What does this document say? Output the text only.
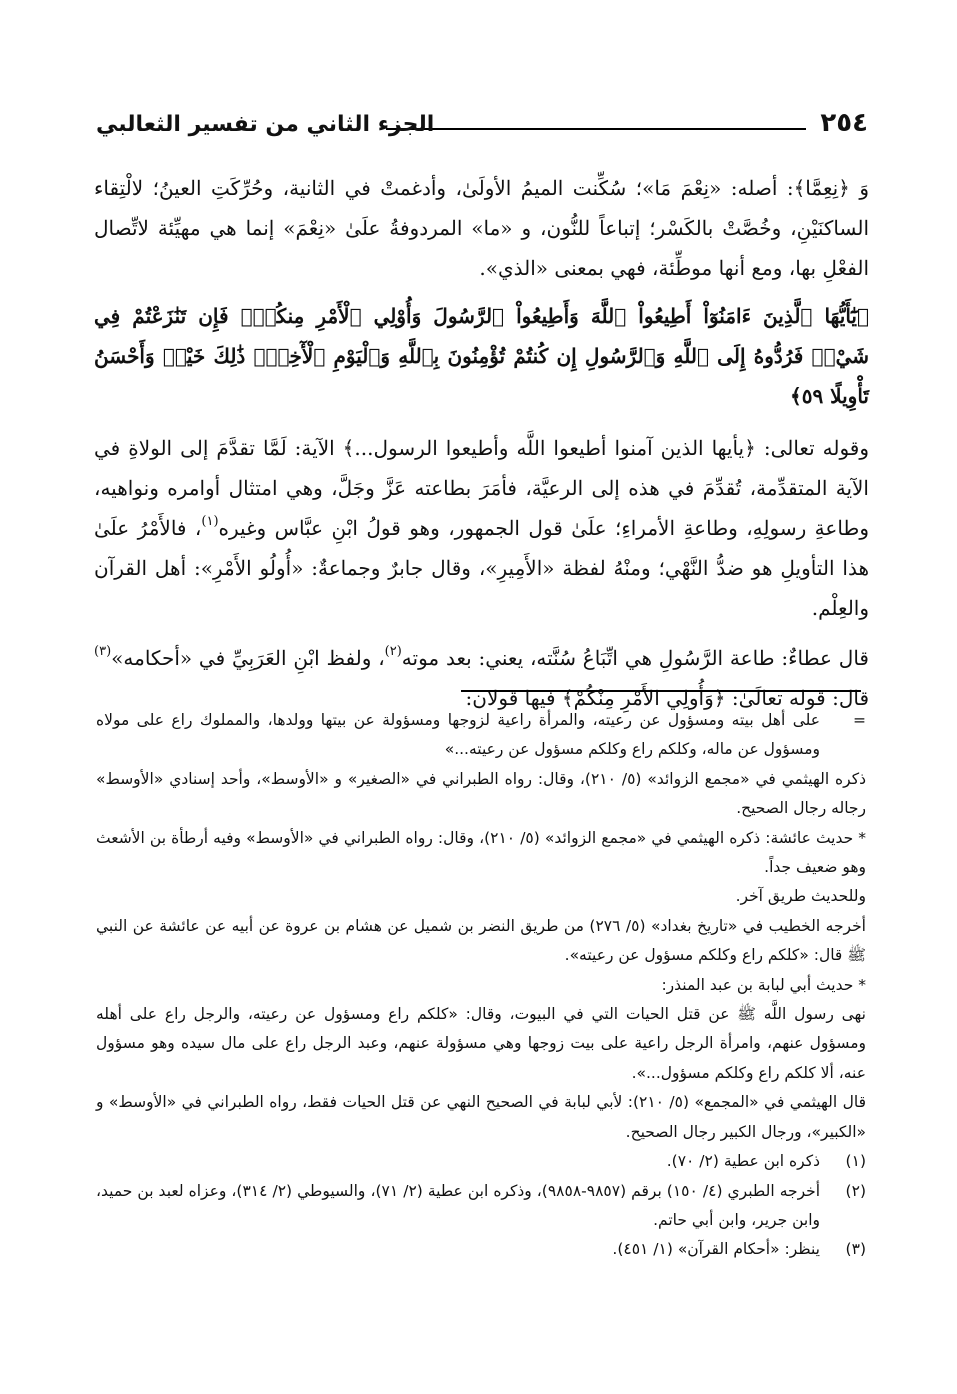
٢٥٤
الجزء الثاني من تفسير الثعالبي

وَ ﴿نِعِمَّا﴾: أصله: «نِعْمَ مَا»؛ سُكِّنت الميمُ الأولَىٰ، وأدغمتْ في الثانية، وحُرِّكَتِ العينُ؛ لالْتِقاء الساكنَيْنِ، وخُصَّتْ بالكَسْر؛ إتباعاً للنُّون، و «ما» المردوفةُ علَىٰ «نِعْمَ» إنما هي مهيِّئة لاتِّصال الفعْلِ بها، ومع أنها موطِّئة، فهي بمعنى «الذي».

﴿يَٰٓأَيُّهَا ٱلَّذِينَ ءَامَنُوٓاْ أَطِيعُواْ ٱللَّهَ وَأَطِيعُواْ ٱلرَّسُولَ وَأُوْلِي ٱلْأَمْرِ مِنكُمْۖ فَإِن تَنَٰزَعْتُمْ فِي شَيْءٖ فَرُدُّوهُ إِلَى ٱللَّهِ وَٱلرَّسُولِ إِن كُنتُمْ تُؤْمِنُونَ بِٱللَّهِ وَٱلْيَوْمِ ٱلْأٓخِرِۚ ذَٰلِكَ خَيْرٞ وَأَحْسَنُ تَأْوِيلًا ٥٩﴾

وقوله تعالى: ﴿يأيها الذين آمنوا أطيعوا اللَّه وأطيعوا الرسول...﴾ الآية: لَمَّا تقدَّمَ إلى الولاةِ في الآية المتقدِّمة، تُقدِّمَ في هذه إلى الرعيَّة، فأمَرَ بطاعته عَزَّ وجَلَّ، وهي امتثال أوامره ونواهيه، وطاعةِ رسولِهِ، وطاعةِ الأمراءِ؛ علَىٰ قول الجمهور، وهو قولُ ابْنِ عبَّاس وغيره$^{(١)}$، فالأَمْرُ علَىٰ هذا التأويلِ هو ضدُّ النَّهْي؛ ومنْهُ لفظة «الأَمِيرِ»، وقال جابرٌ وجماعةٌ: «أُولُو الأَمْرِ»: أهل القرآن والعِلْم.

قال عطاءٌ: طاعة الرَّسُولِ هي اتِّبَاعُ سُنَّته، يعني: بعد موته$^{(٢)}$، ولفظ ابْنِ العَرَبِيِّ في «أحكامه»$^{(٣)}$ قال: قوله تعالَىٰ: ﴿وَأُولِي الأَمْرِ مِنْكُمْ﴾ فيها قولان:

=
على أهل بيته ومسؤول عن رعيته، والمرأة راعية لزوجها ومسؤولة عن بيتها وولدها، والمملوك راع على مولاه ومسؤول عن ماله، وكلكم راع وكلكم مسؤول عن رعيته...»

ذكره الهيثمي في «مجمع الزوائد» (٥/ ٢١٠)، وقال: رواه الطبراني في «الصغير» و «الأوسط»، وأحد إسنادي «الأوسط» رجاله رجال الصحيح.

* حديث عائشة: ذكره الهيثمي في «مجمع الزوائد» (٥/ ٢١٠)، وقال: رواه الطبراني في «الأوسط» وفيه أرطأة بن الأشعث وهو ضعيف جداً.

وللحديث طريق آخر.

أخرجه الخطيب في «تاريخ بغداد» (٥/ ٢٧٦) من طريق النضر بن شميل عن هشام بن عروة عن أبيه عن عائشة عن النبي ﷺ قال: «كلكم راع وكلكم مسؤول عن رعيته».

* حديث أبي لبابة بن عبد المنذر:

نهى رسول اللَّه ﷺ عن قتل الحيات التي في البيوت، وقال: «كلكم راع ومسؤول عن رعيته، والرجل راع على أهله ومسؤول عنهم، وامرأة الرجل راعية على بيت زوجها وهي مسؤولة عنهم، وعبد الرجل راع على مال سيده وهو مسؤول عنه، ألا كلكم راع وكلكم مسؤول...».

قال الهيثمي في «المجمع» (٥/ ٢١٠): لأبي لبابة في الصحيح النهي عن قتل الحيات فقط، رواه الطبراني في «الأوسط» و «الكبير»، ورجال الكبير رجال الصحيح.

(١)
ذكره ابن عطية (٢/ ٧٠).

(٢)
أخرجه الطبري (٤/ ١٥٠) برقم (٩٨٥٧-٩٨٥٨)، وذكره ابن عطية (٢/ ٧١)، والسيوطي (٢/ ٣١٤)، وعزاه لعبد بن حميد، وابن جرير، وابن أبي حاتم.

(٣)
ينظر: «أحكام القرآن» (١/ ٤٥١).
